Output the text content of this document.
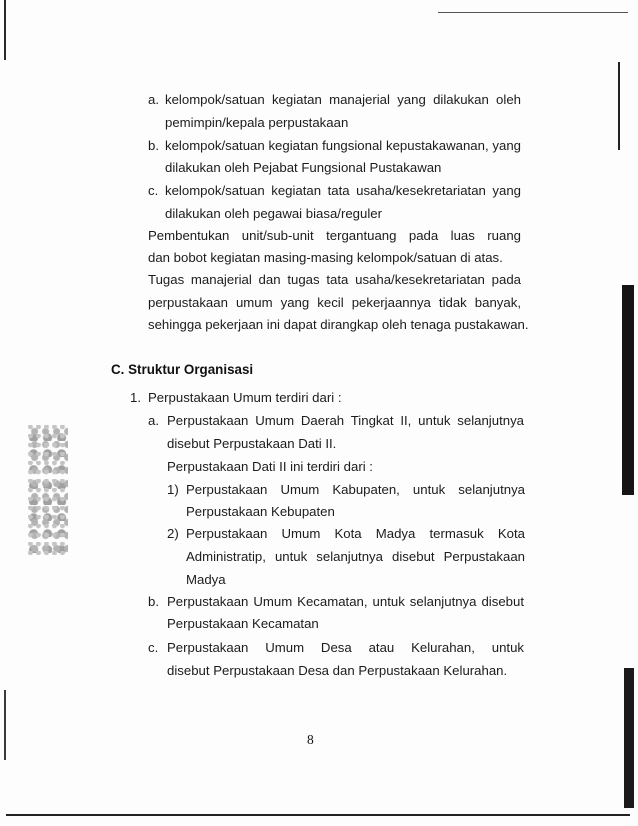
a. kelompok/satuan kegiatan manajerial yang dilakukan oleh
pemimpin/kepala perpustakaan
b. kelompok/satuan kegiatan fungsional kepustakawanan, yang
dilakukan oleh Pejabat Fungsional Pustakawan
c. kelompok/satuan kegiatan tata usaha/kesekretariatan yang
dilakukan oleh pegawai biasa/reguler
Pembentukan unit/sub-unit tergantuang pada luas ruang
dan bobot kegiatan masing-masing kelompok/satuan di atas.
Tugas manajerial dan tugas tata usaha/kesekretariatan pada
perpustakaan umum yang kecil pekerjaannya tidak banyak,
sehingga pekerjaan ini dapat dirangkap oleh tenaga pustakawan.
C. Struktur Organisasi
1. Perpustakaan Umum terdiri dari :
a. Perpustakaan Umum Daerah Tingkat II, untuk selanjutnya
disebut Perpustakaan Dati II.
Perpustakaan Dati II ini terdiri dari :
1) Perpustakaan Umum Kabupaten, untuk selanjutnya
Perpustakaan Kebupaten
2) Perpustakaan Umum Kota Madya termasuk Kota
Administratip, untuk selanjutnya disebut Perpustakaan
Madya
b. Perpustakaan Umum Kecamatan, untuk selanjutnya disebut
Perpustakaan Kecamatan
c. Perpustakaan Umum Desa atau Kelurahan, untuk
disebut Perpustakaan Desa dan Perpustakaan Kelurahan.
8
